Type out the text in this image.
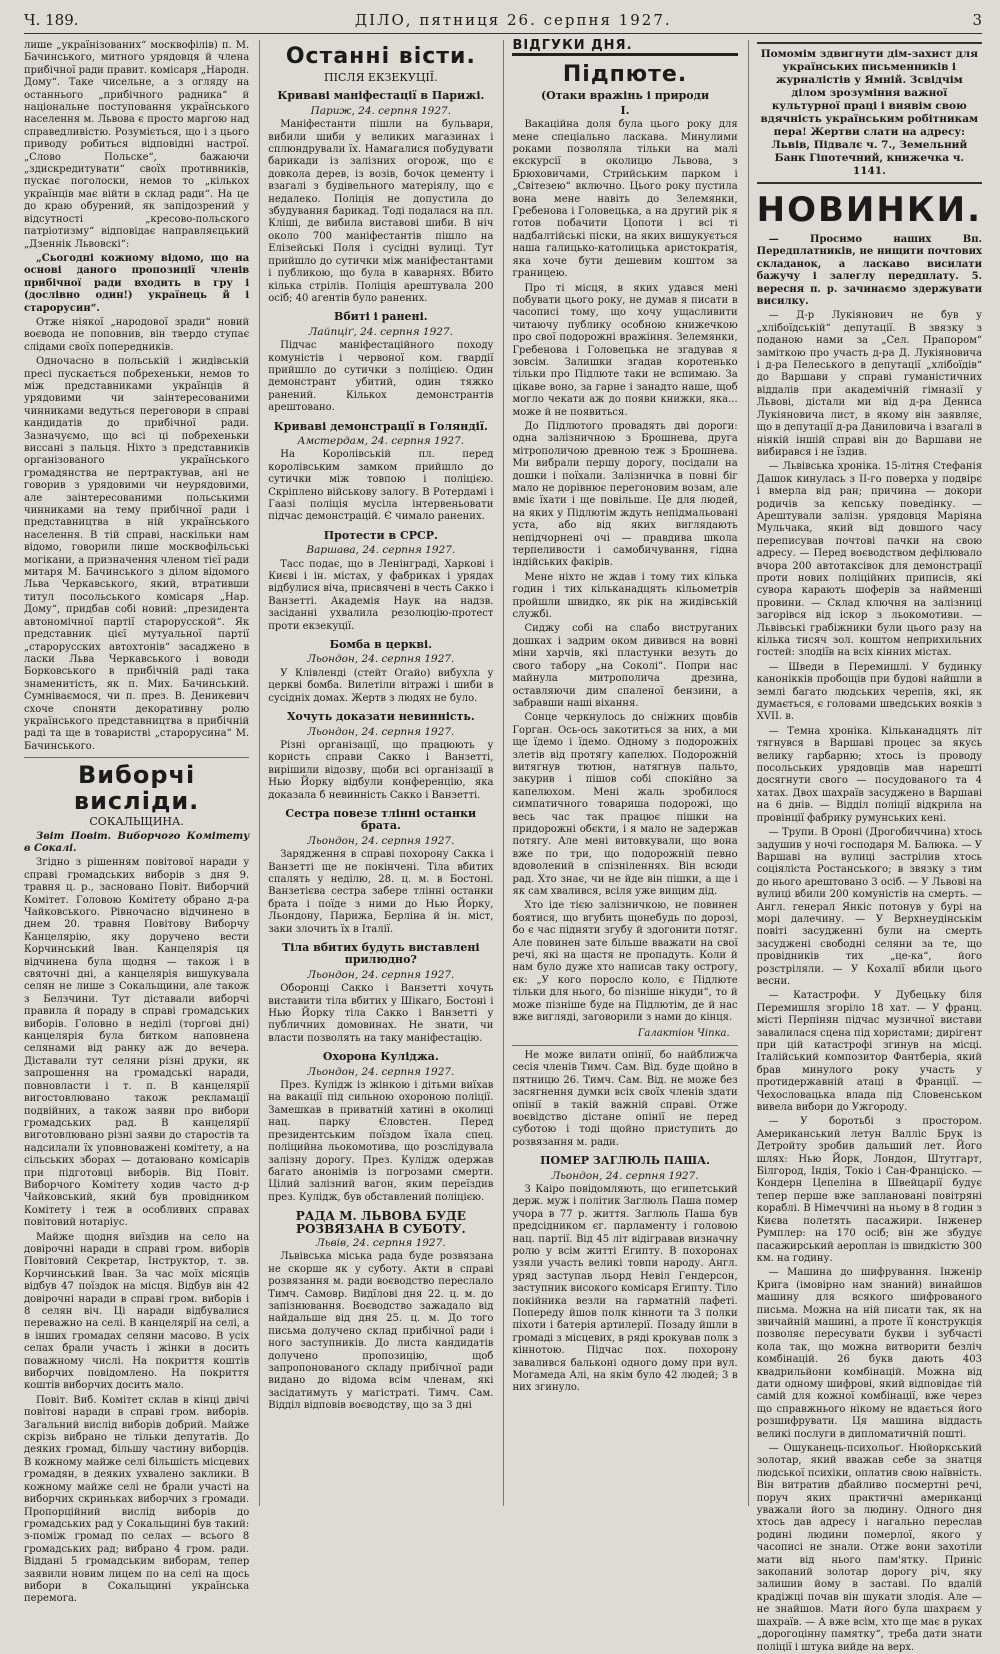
Ч. 189.	ДІЛО, пятниця 26. серпня 1927.	3

лише „українізованих“ москвофілів) п. М. Бачинського, митного урядовця й члена прибічної ради правит. комісаря „Народн. Дому“. Таке чисельне, а з огляду на останнього „прибічного радника“ й національне поступовання українського населення м. Львова є просто маргою над справедливістю. Розуміється, що і з цього приводу робиться відповідні настрої. „Слово Польске“, бажаючи „здискредитувати“ своїх противників, пускає поголоски, немов то „кількох українців має війти в склад ради“. На це до краю обурений, як запідозрений у відсутності „кресово-польского патріотизму“ відповідає направляєцький „Дзеннік Львовскі“:

„Сьогодні кожному відомо, що на основі даного пропозиції членів прибічної ради входить в гру і (дослівно один!) українець й і старорусин“.

Отже ніякої „народової зради“ новий воєвода не поповнив, він твердо ступає слідами своїх попередників.

Одночасно в польській і жидівській пресі пускається побрехеньки, немов то між представниками українців й урядовими чи заінтересованими чинниками ведуться переговори в справі кандидатів до прибічної ради. Зазначуємо, що всі ці побрехеньки виссані з пальця. Ніхто з представників організованого українського громадянства не пертрактував, ані не говорив з урядовими чи неурядовими, але заінтересованими польськими чинниками на тему прибічної ради і представництва в ній українського населення. В тій справі, наскільки нам відомо, говорили лише москвофільські могікани, а призначення членом тієї ради митаря М. Бачинського з ділом відомого Льва Черкавського, який, втративши титул посольського комісаря „Нар. Дому“, придбав собі новий: „президента автономічної партії старорусской“. Як представник цієї мутуальної партії „старорусских автохтонів“ засаджено в ласки Льва Черкавського і воводи Борковського в прибічній раді така знаменитість, як п. Мих. Бачинський. Сумніваємося, чи п. през. В. Деникевич схоче споняти декоративну ролю українського представництва в прибічній раді та ще в товаристві „старорусина“ М. Бачинського.

Виборчі висліди.
СОКАЛЬЩИНА.

Звіт Повіт. Виборчого Комітету в Сокалі.

Згідно з рішенням повітової наради у справі громадських виборів з дня 9. травня ц. р., засновано Повіт. Виборчий Комітет. Головою Комітету обрано д-ра Чайковського. Рівночасно відчинено в днем 20. травня Повітову Виборчу Канцелярію, яку доручено вести Корчинський Іван. Канцелярія ця відчинена була щодня — також і в святочні дні, а канцелярія вишукувала селян не лише з Сокальщини, але також з Белзчини. Тут діставали виборчі правила й пораду в справі громадських виборів. Головно в неділі (торгові дні) канцелярія була битком наповнена селянами від ранку аж до вечера. Діставали тут селяни різні друки, як запрошення на громадські наради, повновласти і т. п. В канцелярії вигостовлювано також рекламації подвійних, а також заяви про вибори громадських рад. В канцелярії виготовлювано різні заяви до старостів та надсилали їх уповноважені комітету, а на сільських зборах — дотаювано комісарів при підготовці виборів. Від Повіт. Виборчого Комітету ходив часто д-р Чайковський, який був провідником Комітету і теж в особливих справах повітовий нотаріус.

Майже щодня виїздив на село на довірочні наради в справі гром. виборів Повітовий Секретар, Інструктор, т. зв. Корчинський Іван. За час моїх місяців відбув 47 поїздок на місця. Відбув він 42 довірочні наради в справі гром. виборів і 8 селян віч. Ці наради відбувалися переважно на селі. В канцелярії на селі, а в інших громадах селяни масово. В усіх селах брали участь і жінки в досить поважному числі. На покриття коштів виборчих повідомлено. На покриття коштів виборчих досить мало.

Повіт. Виб. Комітет склав в кінці двічі повітові наради в справі гром. виборів. Загальний вислід виборів добрий. Майже скрізь вибрано не тільки депутатів. До деяких громад, більшу частину виборців. В кожному майже селі більшість місцевих громадян, в деяких ухвалено заклики. В кожному майже селі не брали участі на виборчих скриньках виборчих з громади. Пропорційний вислід виборів до громадських рад у Сокальщині був такий: з-поміж громад по селах — всього 8 громадських рад; вибрано 4 гром. ради. Віддані 5 громадським виборам, тепер заявили новим лицем по на селі на щось вибори в Сокальщині українська перемога.

Останні вісти.
ПІСЛЯ ЕКЗЕКУЦІЇ.
Криваві маніфестації в Парижі.
Париж, 24. серпня 1927.

Маніфестанти пішли на бульвари, вибили шиби у великих магазинах і сплюндрували їх. Намагалися побудувати барикади із залізних огорож, що є довкола дерев, із возів, бочок цементу і взагалі з будівельного матеріялу, що є недалеко. Поліція не допустила до збудування барикад. Тоді подалася на пл. Кліші, де вибила виставові шиби. В ніч около 700 маніфестантів пішло на Елізейські Поля і сусідні вулиці. Тут прийшло до сутички між маніфестантами і публикою, що була в каварнях. Вбито кілька стрілів. Поліція арештувала 200 осіб; 40 агентів було ранених.

Вбиті і ранені.
Лайпціґ, 24. серпня 1927.

Підчас маніфестаційного походу комуністів і червоної ком. гвардії прийшло до сутички з поліцією. Один демонстрант убитий, один тяжко ранений. Кількох демонстрантів арештовано.

Криваві демонстрації в Голяндії.
Амстердам, 24. серпня 1927.

На Королівській пл. перед королівським замком прийшло до сутички між товпою і поліцією. Скріплено військову залогу. В Ротердамі і Гаазі поліція мусіла інтервеньовати підчас демонстрацій. Є чимало ранених.

Протести в СРСР.
Варшава, 24. серпня 1927.

Тасс подає, що в Ленінграді, Харкові і Києві і ін. містах, у фабриках і урядах відбулися віча, присвячені в честь Сакко і Ванзетті. Академія Наук на надзв. засіданні ухвалила резолюцію-протест проти екзекуції.

Бомба в церкві.
Льондон, 24. серпня 1927.

У Клівленді (стейт Огайо) вибухла у церкві бомба. Вилетіли вітражі і шиби в сусідніх домах. Жертв з людях не було.

Хочуть доказати невинність.
Льондон, 24. серпня 1927.

Різні організації, що працюють у користь справи Сакко і Ванзетті, вирішили відозву, щоби всі організації в Нью Йорку відбули конференцію, яка доказала б невинність Сакко і Ванзетті.

Сестра повезе тлінні останки брата.
Льондон, 24. серпня 1927.

Зарядження в справі похорону Сакка і Ванзетті ще не покінчені. Тіла вбитих спалять у неділю, 28. ц. м. в Бостоні. Ванзетієва сестра забере тлінні останки брата і поїде з ними до Нью Йорку, Льондону, Парижа, Берліна й ін. міст, заки злочить їх в Італії.

Тіла вбитих будуть виставлені прилюдно?
Льондон, 24. серпня 1927.

Оборонці Сакко і Ванзетті хочуть виставити тіла вбитих у Шікаго, Бостоні і Нью Йорку тіла Сакко і Ванзетті у публичних домовинах. Не знати, чи власти позволять на таку маніфестацію.

Охорона Куліджа.
Льондон, 24. серпня 1927.

През. Кулідж із жінкою і дітьми виїхав на вакації під сильною охороною поліції. Замешкав в приватній хатині в околиці нац. парку Єловстен. Перед президентським поїздом їхала спец. поліцийна льокомотива, що розслідувала залізну дорогу. През. Кулідж одержав багато анонімів із погрозами смерти. Цілий залізний вагон, яким переїздив през. Кулідж, був обставлений поліцією.

РАДА М. ЛЬВОВА БУДЕ РОЗВЯЗАНА В СУБОТУ.
Львів, 24. серпня 1927.

Львівська міська рада буде розвязана не скорше як у суботу. Акти в справі розвязання м. ради воєводство переслало Тимч. Самовр. Видїлові дня 22. ц. м. до запізнювання. Воєводство зажадало від найдальше від дня 25. ц. м. До того письма долучено склад прибічної ради і ного заступників. До листа кандидатів долучено пропозицію, щоб запропонованого складу прибічної ради видано до відома всім членам, які засідатимуть у магістраті. Тимч. Сам. Відділ відповів воєводству, що за 3 дні

ВІДГУКИ ДНЯ.
Підпюте.
(Отаки вражінь і природи
I.

Вакаційна доля була цього року для мене спеціально ласкава. Минулими роками позволяла тільки на малі екскурсії в околицю Львова, з Брюховичами, Стрийським парком і „Світезею“ включно. Цього року пустила вона мене навіть до Зелемянки, Гребенова і Головецька, а на другий рік я готов побачити Цопоти і всі ті надбалтійські піски, на яких вишукується наша галицько-католицька аристократія, яка хоче бути дешевим коштом за границею.

Про ті місця, в яких удався мені побувати цього року, не думав я писати в часописі тому, що хочу ущасливити читаючу публику особною книжечкою про свої подорожні вражіння. Зелемянки, Гребенова і Головецька не згадував я зовсім. Залишки згадав коротенько тільки про Підлюте таки не вспимаю. За цікаве воно, за гарне і занадто наше, щоб могло чекати аж до появи книжки, яка... може й не появиться.

До Підлютого провадять дві дороги: одна залізничною з Брошнева, друга мітрополичою древною теж з Брошнева. Ми вибрали першу дорогу, посідали на дошки і поїхали. Залізничка в повні біг мало не дорівнює перегоновим возам, але вміє їхати і ще повільше. Це для людей, на яких у Підлютім ждуть непідмальовані уста, або від яких виглядають непідчорнені очі — правдива школа терпеливости і самобичування, гідна індійських факірів.

Мене ніхто не ждав і тому тих кілька годин і тих кільканадцять кільометрів пройшли швидко, як рік на жидівській службі.

Сиджу собі на слабо виструганих дошках і задрим оком дивився на вовні міни харчів, які пластунки везуть до свого табору „на Соколі“. Попри нас майнула митрополича дрезина, оставляючи дим спаленої бензини, а забравши наші віхання.

Сонце черкнулось до сніжних щовбів Горган. Ось-ось закотиться за них, а ми ще їдемо і їдемо. Одному з подорожніх злетів від протягу капелюх. Подорожній витягнув тютюн, натягнув пальто, закурив і пішов собі спокійно за капелюхом. Мені жаль зробилося симпатичного товариша подорожі, що весь час так працює пішки на придорожні обєкти, і я мало не задержав потягу. Але мені витовкували, що вона вже по три, що подорожній певно вдоволений в спізніленнях. Він всюди рад. Хто знає, чи не йде він пішки, а ще і як сам хвалився, всіля уже вищим дід.

Хто іде тією залізничкою, не повинен боятися, що вгубить щонебудь по дорозі, бо є час підняти згубу й здогонити потяг. Але повинен зате більше вважати на свої речі, які на щастя не пропадуть. Коли й нам було дуже хто написав таку острогу, єк: „У кого поросло коло, є Підлюте тільки для нього, бо пізніше нікуди“, то й може пізніше буде на Підлютім, де й нас вже вигляді, заговорили з нами до кінця.

Галактіон Чіпка.

Не може вилати опінії, бо найближча сесія членів Тимч. Сам. Від. буде щойно в пятницю 26. Тимч. Сам. Від. не може без засягнення думки всіх своїх членів здати опінії в такій важній справі. Отже воєвідство дістане опінії не перед суботою і тоді щойно приступить до розвязання м. ради.

ПОМЕР ЗАГЛЮЛЬ ПАША.
Льондон, 24. серпня 1927.

З Каіро повідомляють, що египетський держ. муж і політик Заглюль Паша помер учора в 77 р. життя. Заглюль Паша був предсідником єг. парламенту і головою нац. партії. Від 45 літ відігравав визначну ролю у всім житті Египту. В похоронах узяли участь великі товпи народу. Англ. уряд заступав льорд Невіл Гендерсон, заступник високого комісаря Египту. Тіло покійника везли на гарматній лафеті. Попереду йшов полк кінноти та 3 полки піхоти і батерія артилерії. Позаду йшли в громаді з місцевих, в ряді крокував полк з кіннотою. Підчас пох. похорону завалився бальконі одного дому при вул. Могамеда Алі, на якім було 42 людей; 3 в них згинуло.

Помомім здвигнути дім-захист для українських письменників і журналістів у Ямній. Зсвідчім ділом зрозуміння важної культурної праці і виявім свою вдячність українським робітникам пера! Жертви слати на адресу: Львів, Підвалє ч. 7., Земельний Банк Гіпотечний, книжечка ч. 1141.
НОВИНКИ.

— Просимо наших Вп. Передплатників, не нищити почтових складанок, а ласкаво висилати бажучу і залеглу передплату. 5. вересня п. р. зачинаємо здержувати висилку.

— Д-р Лукіянович не був у „хлібоїдській“ депутації. В звязку з поданою нами за „Сел. Прапором“ заміткою про участь д-ра Д. Лукіяновича і д-ра Пелеського в депутації „хлібоїдів“ до Варшави у справі гуманістичних віддалів при академічній гімназії у Львові, дістали ми від д-ра Дениса Лукіяновича лист, в якому він заявляє, що в депутації д-ра Даниловича і взагалі в ніякій іншій справі він до Варшави не вибирався і не їздив.

— Львівська хроніка. 15-літня Стефанія Дашок кинулась з II-го поверха у подвірє і вмерла від ран; причина — докори родичів за кепську поведінку. — Арештували залізн. урядовця Маріяна Мульчака, який від довшого часу переписував почтові пачки на свою адресу. — Перед воєводством дефілювало вчора 200 автотаксівок для демонстрації проти нових поліційних приписів, які сувора карають шоферів за найменші провини. — Склад ключня на залізниці загорівся від іскор з льокомотиви. — Львівські грабіжники були цього разу на кілька тисяч зол. коштом неприхильних гостей: злодіїв на всіх кінних містах.

— Шведи в Перемишлі. У будинку канонікків пробощів при будові найшли в землі багато людських черепів, які, як думається, є головами шведських вояків з XVII. в.

— Темна хроніка. Кільканадцять літ тягнувся в Варшаві процес за якусь велику гарбарню; хтось із проводу посольських урядовців мав нарешті досягнути свого — посудованого та 4 хатах. Двох шахраїв засуджено в Варшаві на 6 днів. — Відділ поліції відкрила на провінції фабрику румунських кені.

— Трупи. В Ороні (Дрогобиччина) хтось задушив у ночі господаря М. Балюка. — У Варшаві на вулиці застрілив хтось соціяліста Ростанського; в звязку з тим до нього арештовано 3 осіб. — У Львові на вулиці вбили 200 комуністів на смерть. — Англ. генерал Янкіс потонув у бурі на морі далечину. — У Верхнеудінськім повіті засудженні були на смерть засуджені свободні селяни за те, що провідників тих „це-ка“, його розстріляли. — У Кохалії вбили цього весни.

— Катастрофи. У Дубецьку біля Перемишля згоріло 18 хат. — У франц. місті Перпінян підчас музичної вистави завалилася сцена під хористами; дирігент при цій катастрофі згинув на місці. Італійський композитор Фантберіа, який брав минулого року участь у протидержавній атаці в Франції. — Чехословацька влада під Словенськом вивела вибори до Ужгороду.

— У боротьбі з простором. Американський летун Валліс Брук із Детройту зробив дальший лет. Його шлях: Нью Йорк, Лондон, Штутгарт, Білгород, Індія, Токіо і Сан-Франціско. — Кондерн Цепеліна в Швейцарії будує тепер перше вже заплановані повітряні кораблі. В Німеччині на ньому в 8 годин з Києва полетять пасажири. Інженер Румплер: на 170 осіб; він же збудує пасажирський аероплан із швидкістю 300 км. на годину.

— Машина до шифрування. Інженір Крига (імовірно нам знаний) винайшов машину для всякого шифрованого письма. Можна на ній писати так, як на звичайній машині, а проте її конструкція позволяє пересувати букви і зубчасті кола так, що можна витворити безліч комбінацій. 26 букв дають 403 квадрильйони комбінацій. Можна від дати одному шифрові, який відповідає тій самій для кожної комбінації, вже через що справжнього нікому не вдається його розшифрувати. Ця машина віддасть великі послуги в дипломатичній пошті.

— Ошуканець-психольоґ. Нюйоркський золотар, який вважав себе за знатця людської психіки, оплатив свою наївність. Він витратив дбайливо посмертні речі, поруч яких практичні американці уважали його за людину. Одного дня хтось дав адресу і нагально переслав родині людини померлої, якого у часописі не знали. Отже вони захотіли мати від нього пам'ятку. Приніс закопаний золотар дорогу річ, яку залишив йому в заставі. По вдалій крадіжці почав він шукати злодія. Але — не знайшов. Мати його була шахраєм у шахраїв. — А вже всім, хто ще має в руках „дорогоцінну памятку“, треба дати знати поліції і штука вийде на верх.
